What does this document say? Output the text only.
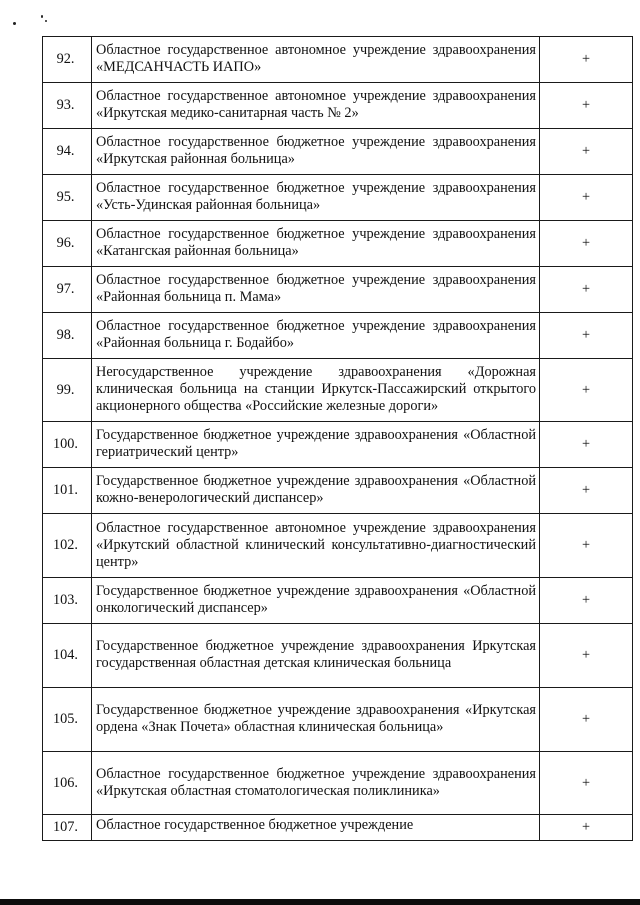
92.	Областное государственное автономное учреждение здравоохранения «МЕДСАНЧАСТЬ ИАПО»	+
93.	Областное государственное автономное учреждение здравоохранения «Иркутская медико-санитарная часть № 2»	+
94.	Областное государственное бюджетное учреждение здравоохранения «Иркутская районная больница»	+
95.	Областное государственное бюджетное учреждение здравоохранения «Усть-Удинская районная больница»	+
96.	Областное государственное бюджетное учреждение здравоохранения «Катангская районная больница»	+
97.	Областное государственное бюджетное учреждение здравоохранения «Районная больница п. Мама»	+
98.	Областное государственное бюджетное учреждение здравоохранения «Районная больница г. Бодайбо»	+
99.	Негосударственное учреждение здравоохранения «Дорожная клиническая больница на станции Иркутск-Пассажирский открытого акционерного общества «Российские железные дороги»	+
100.	Государственное бюджетное учреждение здравоохранения «Областной гериатрический центр»	+
101.	Государственное бюджетное учреждение здравоохранения «Областной кожно-венерологический диспансер»	+
102.	Областное государственное автономное учреждение здравоохранения «Иркутский областной клинический консультативно-диагностический центр»	+
103.	Государственное бюджетное учреждение здравоохранения «Областной онкологический диспансер»	+
104.	Государственное бюджетное учреждение здравоохранения Иркутская государственная областная детская клиническая больница	+
105.	Государственное бюджетное учреждение здравоохранения «Иркутская ордена «Знак Почета» областная клиническая больница»	+
106.	Областное государственное бюджетное учреждение здравоохранения «Иркутская областная стоматологическая поликлиника»	+
107.	Областное государственное бюджетное учреждение	+
